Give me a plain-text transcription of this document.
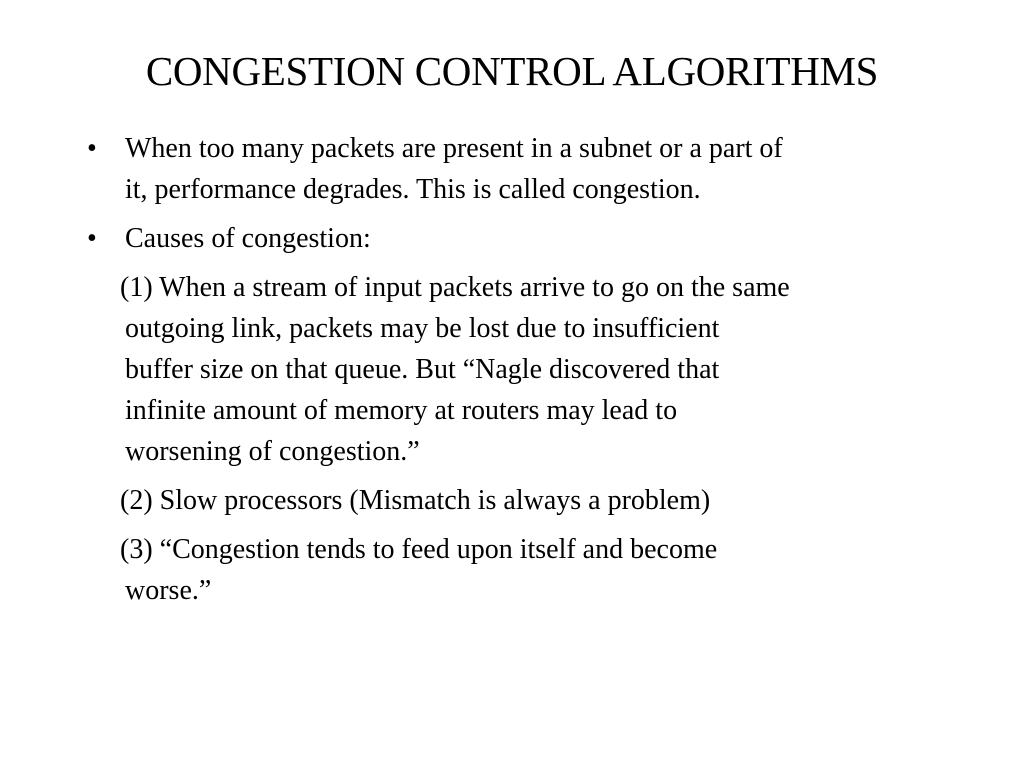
CONGESTION CONTROL ALGORITHMS
•	When too many packets are present in a subnet or a part of
it, performance degrades. This is called congestion.
•	Causes of congestion:
(1) When a stream of input packets arrive to go on the same
outgoing link, packets may be lost due to insufficient
buffer size on that queue. But “Nagle discovered that
infinite amount of memory at routers may lead to
worsening of congestion.”
(2) Slow processors (Mismatch is always a problem)
(3) “Congestion tends to feed upon itself and become
worse.”
